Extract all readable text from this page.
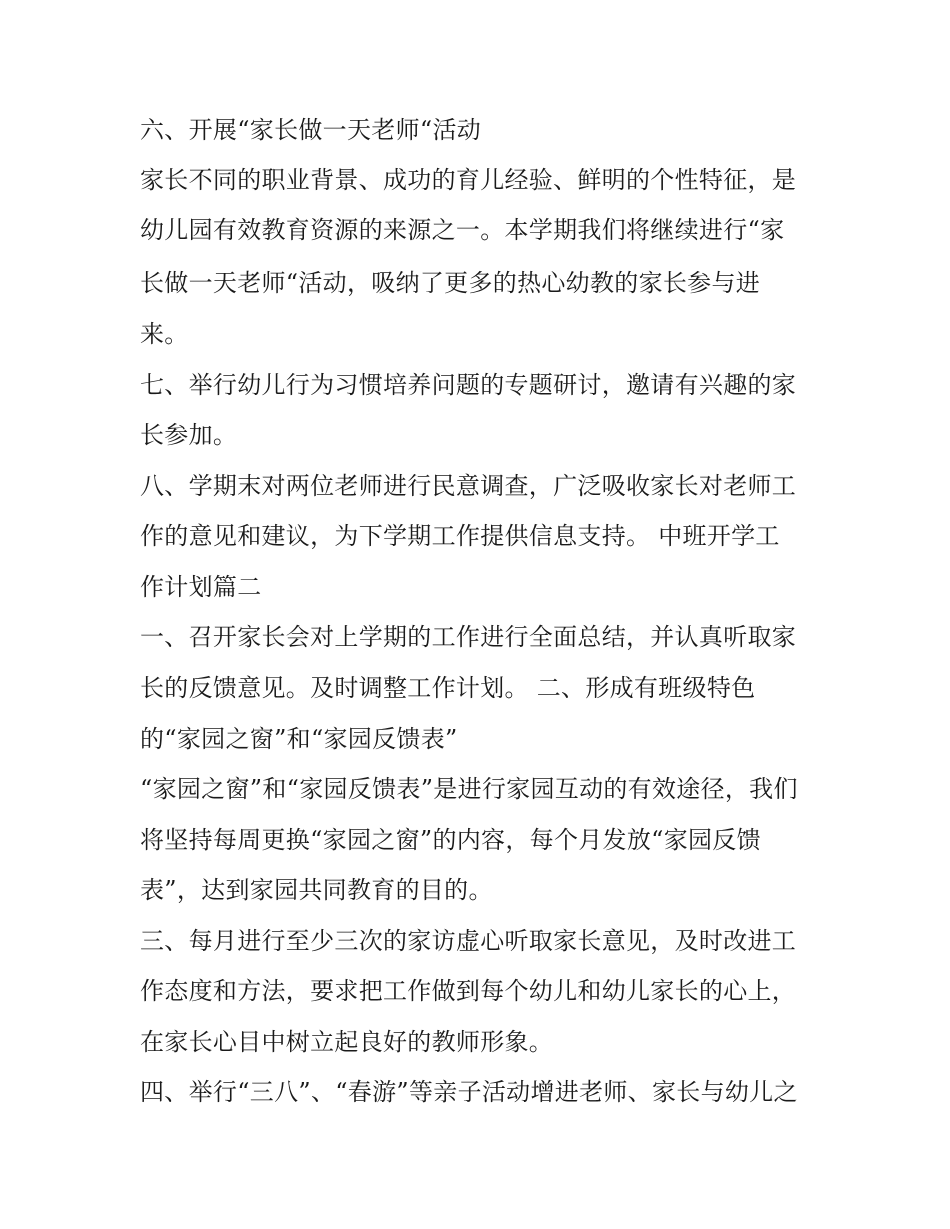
六、开展“家长做一天老师“活动

家长不同的职业背景、成功的育儿经验、鲜明的个性特征，是

幼儿园有效教育资源的来源之一。本学期我们将继续进行“家

长做一天老师“活动，吸纳了更多的热心幼教的家长参与进

来。

七、举行幼儿行为习惯培养问题的专题研讨，邀请有兴趣的家

长参加。

八、学期末对两位老师进行民意调查，广泛吸收家长对老师工

作的意见和建议，为下学期工作提供信息支持。 中班开学工

作计划篇二

一、召开家长会对上学期的工作进行全面总结，并认真听取家

长的反馈意见。及时调整工作计划。 二、形成有班级特色

的“家园之窗”和“家园反馈表”

“家园之窗”和“家园反馈表”是进行家园互动的有效途径，我们

将坚持每周更换“家园之窗”的内容，每个月发放“家园反馈

表”，达到家园共同教育的目的。

三、每月进行至少三次的家访虚心听取家长意见，及时改进工

作态度和方法，要求把工作做到每个幼儿和幼儿家长的心上，

在家长心目中树立起良好的教师形象。

四、举行“三八”、“春游”等亲子活动增进老师、家长与幼儿之
